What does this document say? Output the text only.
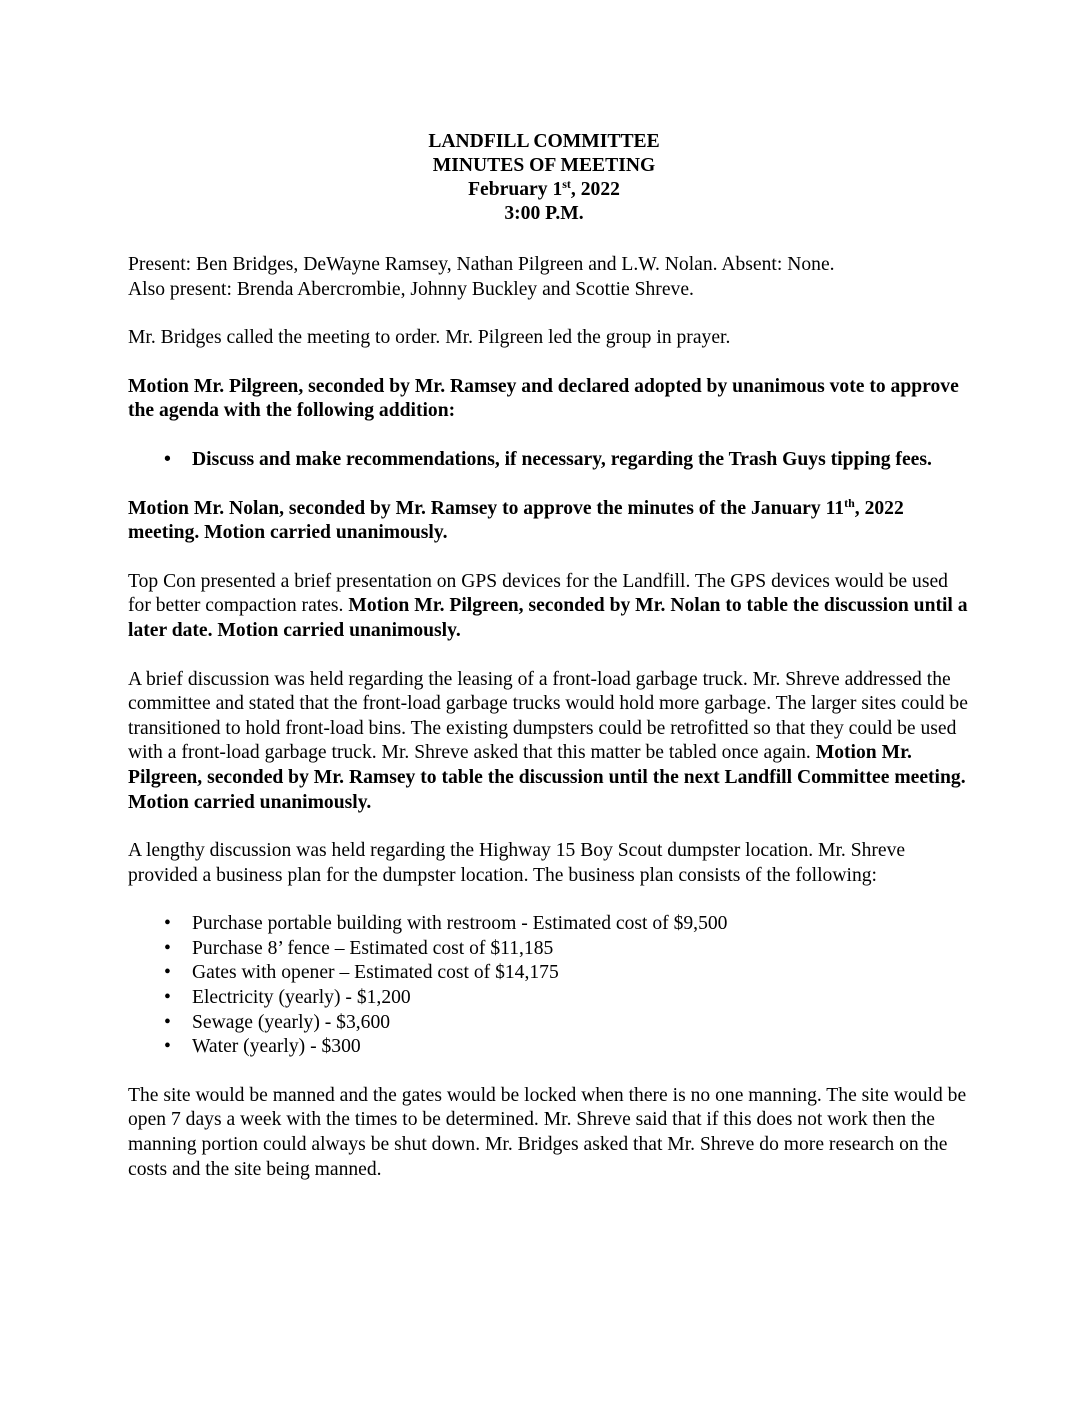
LANDFILL COMMITTEE
MINUTES OF MEETING
February 1st, 2022
3:00 P.M.

Present: Ben Bridges, DeWayne Ramsey, Nathan Pilgreen and L.W. Nolan. Absent: None.
Also present: Brenda Abercrombie, Johnny Buckley and Scottie Shreve.

Mr. Bridges called the meeting to order. Mr. Pilgreen led the group in prayer.

Motion Mr. Pilgreen, seconded by Mr. Ramsey and declared adopted by unanimous vote to approve the agenda with the following addition:

• Discuss and make recommendations, if necessary, regarding the Trash Guys tipping fees.

Motion Mr. Nolan, seconded by Mr. Ramsey to approve the minutes of the January 11th, 2022 meeting. Motion carried unanimously.

Top Con presented a brief presentation on GPS devices for the Landfill. The GPS devices would be used for better compaction rates. Motion Mr. Pilgreen, seconded by Mr. Nolan to table the discussion until a later date. Motion carried unanimously.

A brief discussion was held regarding the leasing of a front-load garbage truck. Mr. Shreve addressed the committee and stated that the front-load garbage trucks would hold more garbage. The larger sites could be transitioned to hold front-load bins. The existing dumpsters could be retrofitted so that they could be used with a front-load garbage truck. Mr. Shreve asked that this matter be tabled once again. Motion Mr. Pilgreen, seconded by Mr. Ramsey to table the discussion until the next Landfill Committee meeting. Motion carried unanimously.

A lengthy discussion was held regarding the Highway 15 Boy Scout dumpster location. Mr. Shreve provided a business plan for the dumpster location. The business plan consists of the following:

• Purchase portable building with restroom - Estimated cost of $9,500
• Purchase 8’ fence – Estimated cost of $11,185
• Gates with opener – Estimated cost of $14,175
• Electricity (yearly) - $1,200
• Sewage (yearly) - $3,600
• Water (yearly) - $300

The site would be manned and the gates would be locked when there is no one manning. The site would be open 7 days a week with the times to be determined. Mr. Shreve said that if this does not work then the manning portion could always be shut down. Mr. Bridges asked that Mr. Shreve do more research on the costs and the site being manned.
